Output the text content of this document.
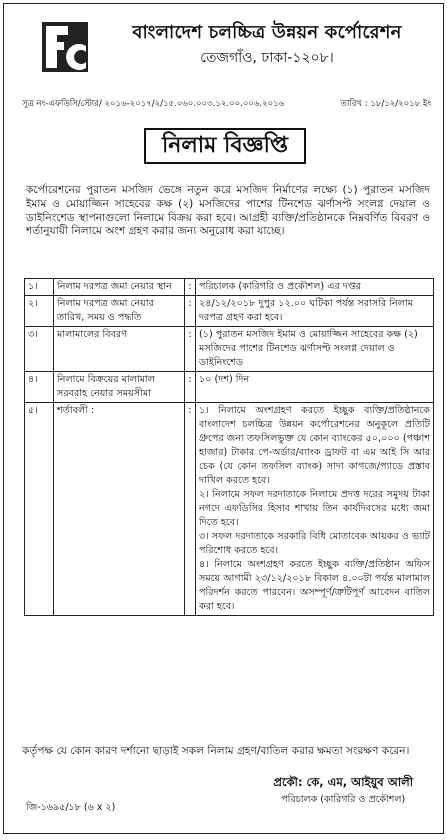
বাংলাদেশ চলচ্চিত্র উন্নয়ন কর্পোরেশন
তেজগাঁও, ঢাকা-১২০৮।
সূত্র নং-এফডিসি/স্টোর/ ২০১৬-২০১৭/২/১৫.০৬০.০০৩.১২.০০.০০৬.২০১৬	তারিখ : ১৮/১২/২০১৮ ইং
নিলাম বিজ্ঞপ্তি
কর্পোরেশনের পুরাতন মসজিদ ভেঙ্গে নতুন করে মসজিদ নির্মাণের লক্ষ্যে (১) পুরাতন মসজিদ ইমাম ও মোয়াজ্জিন সাহেবের কক্ষ (২) মসজিদের পাশের টিনশেড ঝর্ণাসপ্ট সংলগ্ন দেয়াল ও ডাইনিংশেড স্থাপনাগুলো নিলামে বিক্রয় করা হবে। আগ্রহী ব্যক্তি/প্রতিষ্ঠানকে নিম্নবর্ণিত বিবরণ ও শর্তানুযায়ী নিলামে অংশ গ্রহণ করার জন্য অনুরোধ করা যাচ্ছে।
১।	নিলাম দরপত্র জমা নেয়ার স্থান	:	পরিচালক (কারিগরি ও প্রকৌশল) এর দপ্তর
২।	নিলাম দরপত্র জমা নেয়ার তারিখ, সময় ও পদ্ধতি	:	২৪/১২/২০১৮ দুপুর ১২.০০ ঘটিকা পর্যন্ত সরাসরি নিলাম দরপত্র গ্রহণ করা হবে।
৩।	মালামালের বিবরণ	:	(১) পুরাতন মসজিদ ইমাম ও মোয়াজ্জিন সাহেবের কক্ষ (২) মসজিদের পাশের টিনশেড ঝর্ণাসপ্ট সংলগ্ন দেয়াল ও ডাইনিংশেড
৪।	নিলামে বিক্রয়ের মালামাল সরবরাহ নেয়ার সময়সীমা	:	১০ (দশ) দিন
৫।	শর্তাবলী :	:	১। নিলামে অংশগ্রহণ করতে ইচ্ছুক ব্যক্তি/প্রতিষ্ঠানকে বাংলাদেশ চলচ্চিত্র উন্নয়ন কর্পোরেশনের অনুকূলে প্রতিটি গ্রুপের জন্য তফসিলভুক্ত যে কোন ব্যাংকের ৫০,০০০ (পঞ্চাশ হাজার) টাকার পে-অর্ডার/ব্যাংক ড্রাফট বা এম আই সি আর চেক (যে কোন তফসিল ব্যাংক) সাদা কাগজে/প্যাডে প্রস্তাব দাখিল করতে হবে।

২। নিলামে সফল দরদাতাকে নিলামে প্রদত্ত দরের সমুদয় টাকা নগদে এফডিসির হিসাব শাখায় তিন কার্যদিবসের মধ্যে জমা দিতে হবে।

৩। সফল দরদাতাকে সরকারি বিধি মোতাবেক আয়কর ও ভ্যাট পরিশোধ করতে হবে।

৪। নিলামে অংশগ্রহণ করতে ইচ্ছুক ব্যক্তি/প্রতিষ্ঠান অফিস সময়ে আগামী ২৩/১২/২০১৮ বিকাল ৪.০০টা পর্যন্ত মালামাল পরিদর্শন করতে পারবেন। অসম্পূর্ণ/ত্রুটিপূর্ণ আবেদন বাতিল করা হবে।

কর্তৃপক্ষ যে কোন কারণ দর্শানো ছাড়াই সকল নিলাম গ্রহণ/বাতিল করার ক্ষমতা সংরক্ষণ করেন।
প্রকৌ: কে, এম, আইয়ুব আলী
পরিচালক (কারিগরি ও প্রকৌশল)
জি-১৬৯৫/১৮ (৬ x ২)
